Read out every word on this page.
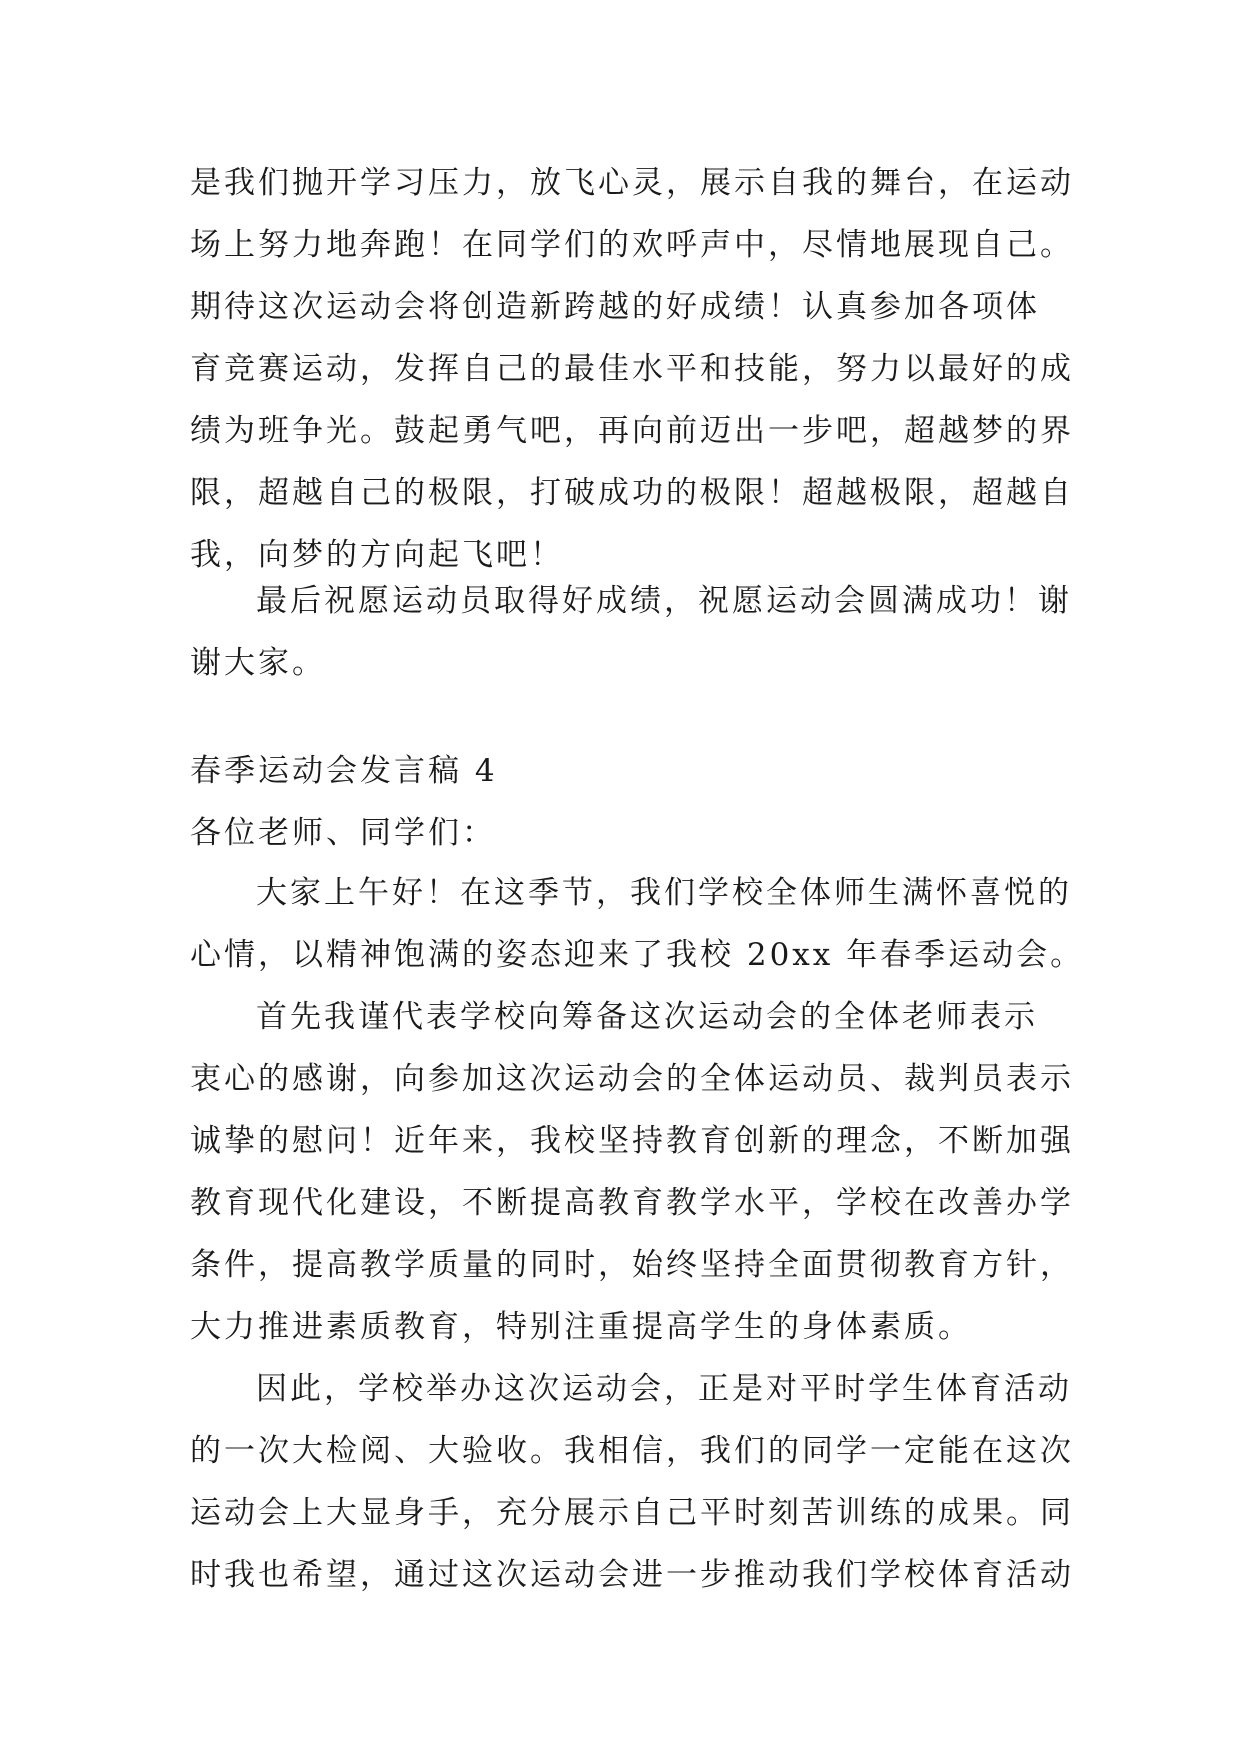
是我们抛开学习压力，放飞心灵，展示自我的舞台，在运动
场上努力地奔跑！在同学们的欢呼声中，尽情地展现自己。
期待这次运动会将创造新跨越的好成绩！认真参加各项体
育竞赛运动，发挥自己的最佳水平和技能，努力以最好的成
绩为班争光。鼓起勇气吧，再向前迈出一步吧，超越梦的界
限，超越自己的极限，打破成功的极限！超越极限，超越自
我，向梦的方向起飞吧！
最后祝愿运动员取得好成绩，祝愿运动会圆满成功！谢
谢大家。
春季运动会发言稿 4
各位老师、同学们：
大家上午好！在这季节，我们学校全体师生满怀喜悦的
心情，以精神饱满的姿态迎来了我校 20xx 年春季运动会。
首先我谨代表学校向筹备这次运动会的全体老师表示
衷心的感谢，向参加这次运动会的全体运动员、裁判员表示
诚挚的慰问！近年来，我校坚持教育创新的理念，不断加强
教育现代化建设，不断提高教育教学水平，学校在改善办学
条件，提高教学质量的同时，始终坚持全面贯彻教育方针，
大力推进素质教育，特别注重提高学生的身体素质。
因此，学校举办这次运动会，正是对平时学生体育活动
的一次大检阅、大验收。我相信，我们的同学一定能在这次
运动会上大显身手，充分展示自己平时刻苦训练的成果。同
时我也希望，通过这次运动会进一步推动我们学校体育活动
